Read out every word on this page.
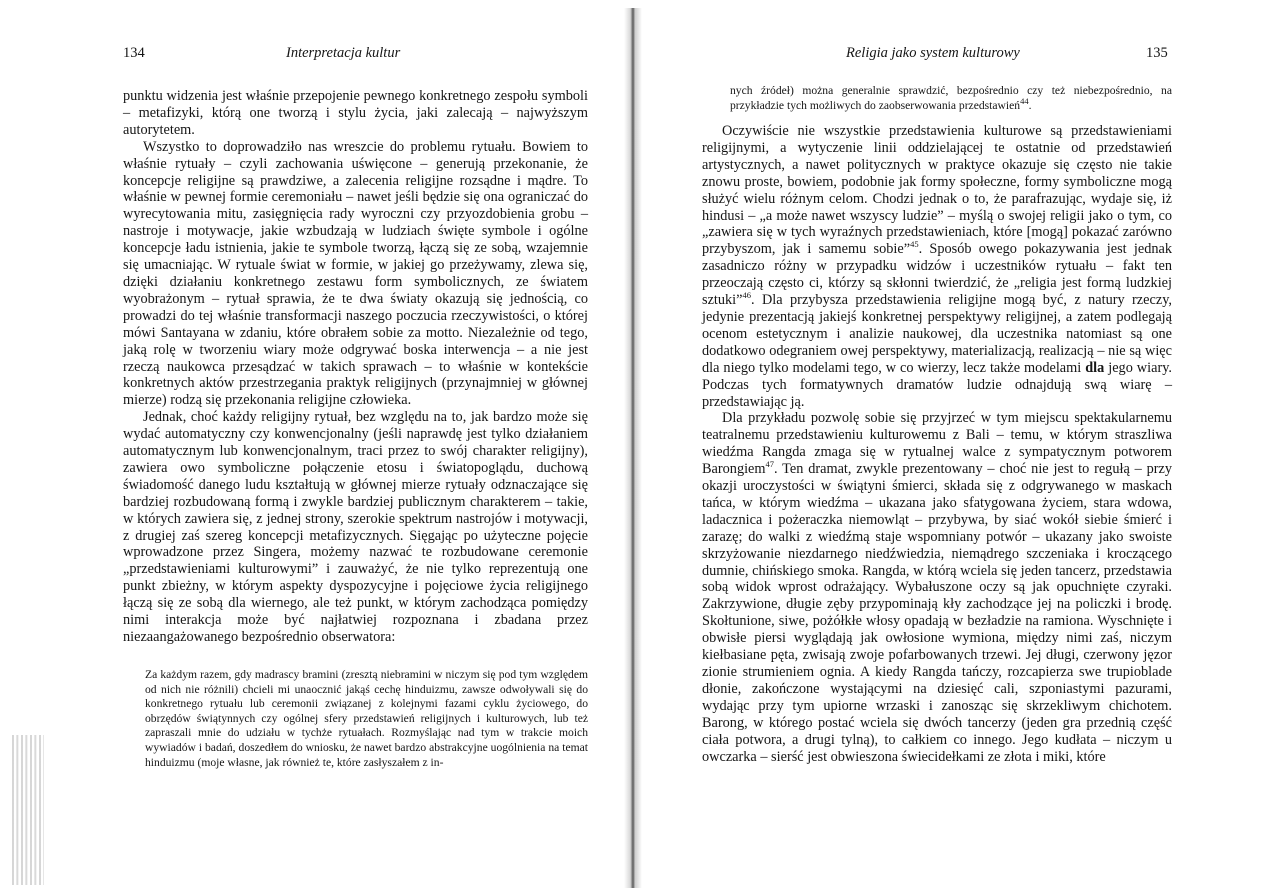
134	Interpretacja kultur

punktu widzenia jest właśnie przepojenie pewnego konkretnego zespołu symboli – metafizyki, którą one tworzą i stylu życia, jaki zalecają – najwyższym autorytetem.

Wszystko to doprowadziło nas wreszcie do problemu rytuału. Bowiem to właśnie rytuały – czyli zachowania uświęcone – generują przekonanie, że koncepcje religijne są prawdziwe, a zalecenia religijne rozsądne i mądre. To właśnie w pewnej formie ceremoniału – nawet jeśli będzie się ona ograniczać do wyrecytowania mitu, zasięgnięcia rady wyroczni czy przyozdobienia grobu – nastroje i motywacje, jakie wzbudzają w ludziach święte symbole i ogólne koncepcje ładu istnienia, jakie te symbole tworzą, łączą się ze sobą, wzajemnie się umacniając. W rytuale świat w formie, w jakiej go przeżywamy, zlewa się, dzięki działaniu konkretnego zestawu form symbolicznych, ze światem wyobrażonym – rytuał sprawia, że te dwa światy okazują się jednością, co prowadzi do tej właśnie transformacji naszego poczucia rzeczywistości, o której mówi Santayana w zdaniu, które obrałem sobie za motto. Niezależnie od tego, jaką rolę w tworzeniu wiary może odgrywać boska interwencja – a nie jest rzeczą naukowca przesądzać w takich sprawach – to właśnie w kontekście konkretnych aktów przestrzegania praktyk religijnych (przynajmniej w głównej mierze) rodzą się przekonania religijne człowieka.

Jednak, choć każdy religijny rytuał, bez względu na to, jak bardzo może się wydać automatyczny czy konwencjonalny (jeśli naprawdę jest tylko działaniem automatycznym lub konwencjonalnym, traci przez to swój charakter religijny), zawiera owo symboliczne połączenie etosu i światopoglądu, duchową świadomość danego ludu kształtują w głównej mierze rytuały odznaczające się bardziej rozbudowaną formą i zwykle bardziej publicznym charakterem – takie, w których zawiera się, z jednej strony, szerokie spektrum nastrojów i motywacji, z drugiej zaś szereg koncepcji metafizycznych. Sięgając po użyteczne pojęcie wprowadzone przez Singera, możemy nazwać te rozbudowane ceremonie „przedstawieniami kulturowymi” i zauważyć, że nie tylko reprezentują one punkt zbieżny, w którym aspekty dyspozycyjne i pojęciowe życia religijnego łączą się ze sobą dla wiernego, ale też punkt, w którym zachodząca pomiędzy nimi interakcja może być najłatwiej rozpoznana i zbadana przez niezaangażowanego bezpośrednio obserwatora:

Za każdym razem, gdy madrascy bramini (zresztą niebramini w niczym się pod tym względem od nich nie różnili) chcieli mi unaocznić jakąś cechę hinduizmu, zawsze odwoływali się do konkretnego rytuału lub ceremonii związanej z kolejnymi fazami cyklu życiowego, do obrzędów świątynnych czy ogólnej sfery przedstawień religijnych i kulturowych, lub też zapraszali mnie do udziału w tychże rytuałach. Rozmyślając nad tym w trakcie moich wywiadów i badań, doszedłem do wniosku, że nawet bardzo abstrakcyjne uogólnienia na temat hinduizmu (moje własne, jak również te, które zasłyszałem z in-

Religia jako system kulturowy	135

nych źródeł) można generalnie sprawdzić, bezpośrednio czy też niebezpośrednio, na przykładzie tych możliwych do zaobserwowania przedstawień$^{44}$.

Oczywiście nie wszystkie przedstawienia kulturowe są przedstawieniami religijnymi, a wytyczenie linii oddzielającej te ostatnie od przedstawień artystycznych, a nawet politycznych w praktyce okazuje się często nie takie znowu proste, bowiem, podobnie jak formy społeczne, formy symboliczne mogą służyć wielu różnym celom. Chodzi jednak o to, że parafrazując, wydaje się, iż hindusi – „a może nawet wszyscy ludzie” – myślą o swojej religii jako o tym, co „zawiera się w tych wyraźnych przedstawieniach, które [mogą] pokazać zarówno przybyszom, jak i samemu sobie”$^{45}$. Sposób owego pokazywania jest jednak zasadniczo różny w przypadku widzów i uczestników rytuału – fakt ten przeoczają często ci, którzy są skłonni twierdzić, że „religia jest formą ludzkiej sztuki”$^{46}$. Dla przybysza przedstawienia religijne mogą być, z natury rzeczy, jedynie prezentacją jakiejś konkretnej perspektywy religijnej, a zatem podlegają ocenom estetycznym i analizie naukowej, dla uczestnika natomiast są one dodatkowo odegraniem owej perspektywy, materializacją, realizacją – nie są więc dla niego tylko modelami tego, w co wierzy, lecz także modelami dla jego wiary. Podczas tych formatywnych dramatów ludzie odnajdują swą wiarę – przedstawiając ją.

Dla przykładu pozwolę sobie się przyjrzeć w tym miejscu spektakularnemu teatralnemu przedstawieniu kulturowemu z Bali – temu, w którym straszliwa wiedźma Rangda zmaga się w rytualnej walce z sympatycznym potworem Barongiem$^{47}$. Ten dramat, zwykle prezentowany – choć nie jest to regułą – przy okazji uroczystości w świątyni śmierci, składa się z odgrywanego w maskach tańca, w którym wiedźma – ukazana jako sfatygowana życiem, stara wdowa, ladacznica i pożeraczka niemowląt – przybywa, by siać wokół siebie śmierć i zarazę; do walki z wiedźmą staje wspomniany potwór – ukazany jako swoiste skrzyżowanie niezdarnego niedźwiedzia, niemądrego szczeniaka i kroczącego dumnie, chińskiego smoka. Rangda, w którą wciela się jeden tancerz, przedstawia sobą widok wprost odrażający. Wybałuszone oczy są jak opuchnięte czyraki. Zakrzywione, długie zęby przypominają kły zachodzące jej na policzki i brodę. Skołtunione, siwe, pożółkłe włosy opadają w bezładzie na ramiona. Wyschnięte i obwisłe piersi wyglądają jak owłosione wymiona, między nimi zaś, niczym kiełbasiane pęta, zwisają zwoje pofarbowanych trzewi. Jej długi, czerwony jęzor zionie strumieniem ognia. A kiedy Rangda tańczy, rozcapierza swe trupioblade dłonie, zakończone wystającymi na dziesięć cali, szponiastymi pazurami, wydając przy tym upiorne wrzaski i zanosząc się skrzekliwym chichotem. Barong, w którego postać wciela się dwóch tancerzy (jeden gra przednią część ciała potwora, a drugi tylną), to całkiem co innego. Jego kudłata – niczym u owczarka – sierść jest obwieszona świecidełkami ze złota i miki, które
